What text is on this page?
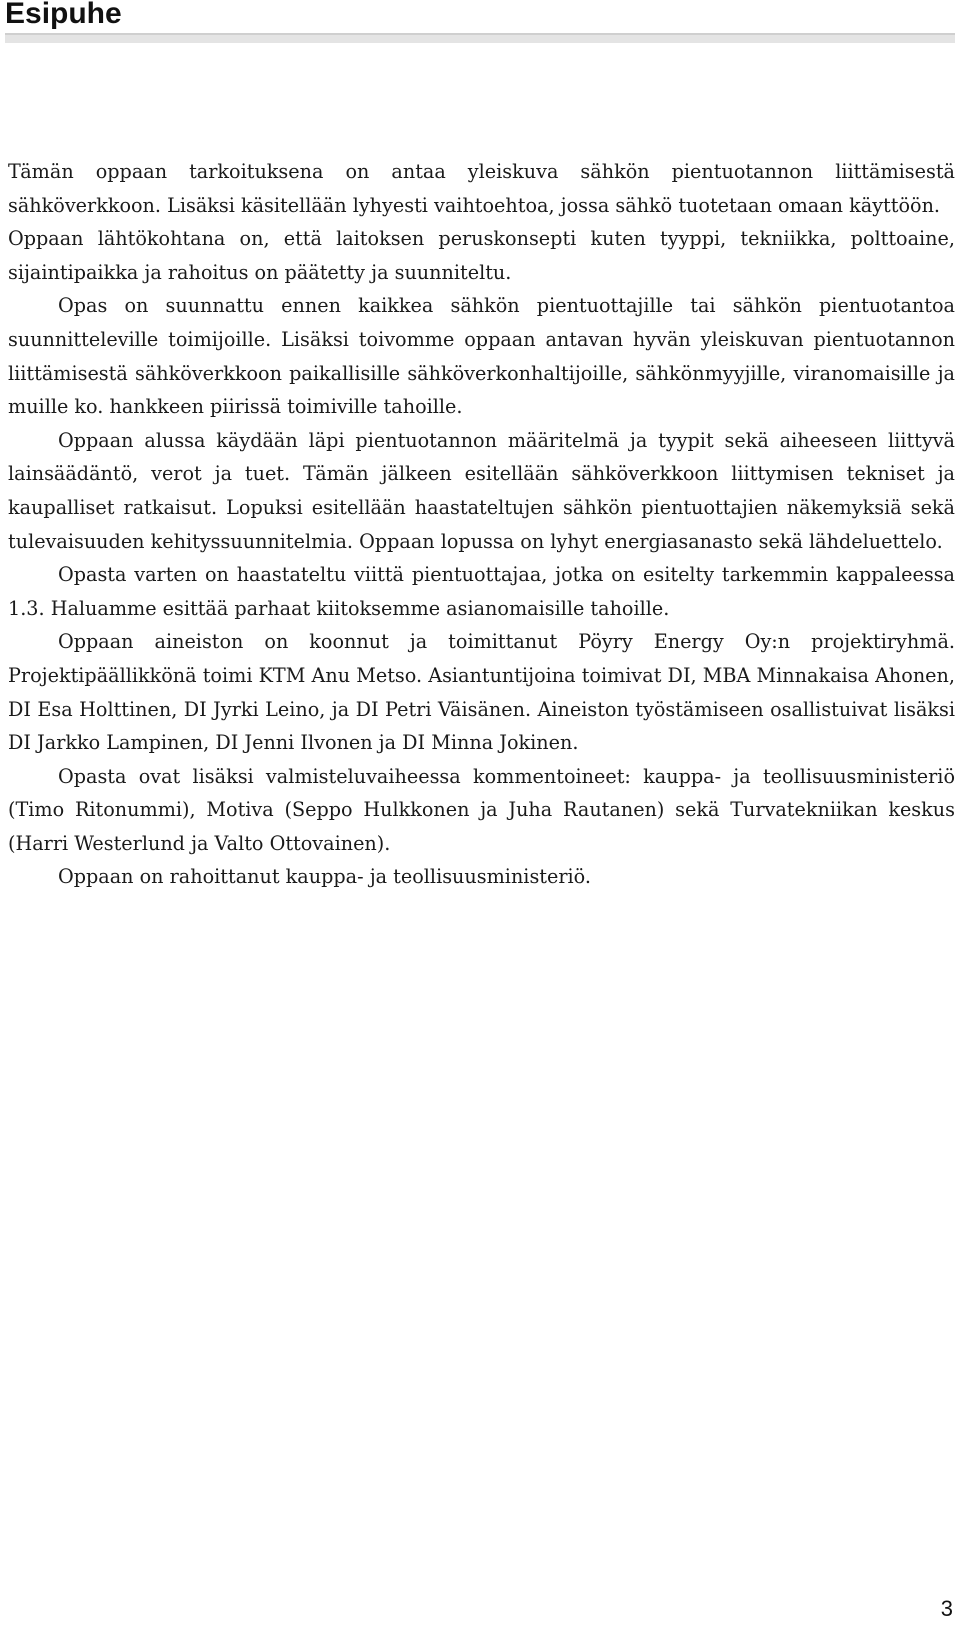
Esipuhe

Tämän oppaan tarkoituksena on antaa yleiskuva sähkön pientuotannon liittämisestä sähköverkkoon. Lisäksi käsitellään lyhyesti vaihtoehtoa, jossa sähkö tuotetaan omaan käyttöön.

Oppaan lähtökohtana on, että laitoksen peruskonsepti kuten tyyppi, tekniikka, polttoaine, sijaintipaikka ja rahoitus on päätetty ja suunniteltu.

Opas on suunnattu ennen kaikkea sähkön pientuottajille tai sähkön pientuotantoa suunnitteleville toimijoille. Lisäksi toivomme oppaan antavan hyvän yleiskuvan pientuotannon liittämisestä sähköverkkoon paikallisille sähköverkonhaltijoille, sähkönmyyjille, viranomaisille ja muille ko. hankkeen piirissä toimiville tahoille.

Oppaan alussa käydään läpi pientuotannon määritelmä ja tyypit sekä aiheeseen liittyvä lainsäädäntö, verot ja tuet. Tämän jälkeen esitellään sähköverkkoon liittymisen tekniset ja kaupalliset ratkaisut. Lopuksi esitellään haastateltujen sähkön pientuottajien näkemyksiä sekä tulevaisuuden kehityssuunnitelmia. Oppaan lopussa on lyhyt energiasanasto sekä lähdeluettelo.

Opasta varten on haastateltu viittä pientuottajaa, jotka on esitelty tarkemmin kappaleessa 1.3. Haluamme esittää parhaat kiitoksemme asianomaisille tahoille.

Oppaan aineiston on koonnut ja toimittanut Pöyry Energy Oy:n projektiryhmä. Projektipäällikkönä toimi KTM Anu Metso. Asiantuntijoina toimivat DI, MBA Minnakaisa Ahonen, DI Esa Holttinen, DI Jyrki Leino, ja DI Petri Väisänen. Aineiston työstämiseen osallistuivat lisäksi DI Jarkko Lampinen, DI Jenni Ilvonen ja DI Minna Jokinen.

Opasta ovat lisäksi valmisteluvaiheessa kommentoineet: kauppa- ja teollisuusministeriö (Timo Ritonummi), Motiva (Seppo Hulkkonen ja Juha Rautanen) sekä Turvatekniikan keskus (Harri Westerlund ja Valto Ottovainen).

Oppaan on rahoittanut kauppa- ja teollisuusministeriö.

3
